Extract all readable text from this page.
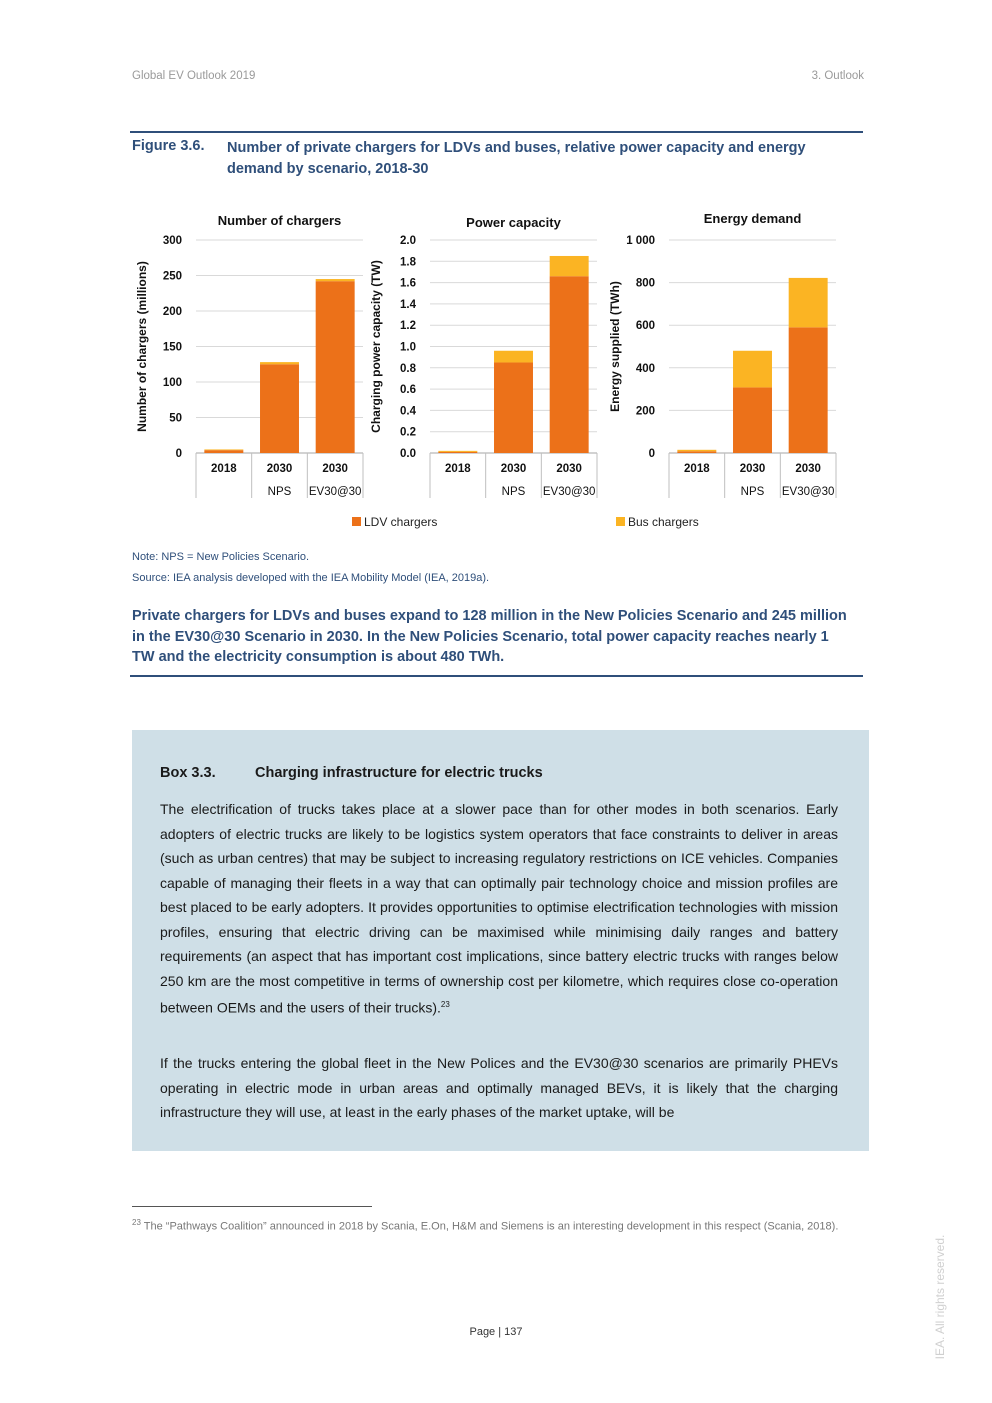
Global EV Outlook 2019	3. Outlook
Figure 3.6. Number of private chargers for LDVs and buses, relative power capacity and energy demand by scenario, 2018-30
Number of chargers
0
50
100
150
200
250
300
Number of chargers (millions)
2018	2030
NPS
2030
EV30@30
Power capacity
0.0
0.2
0.4
0.6
0.8
1.0
1.2
1.4
1.6
1.8
2.0
Charging power capacity (TW)
2018	2030
NPS
2030
EV30@30
Energy demand
0
200
400
600
800
1 000
Energy supplied (TWh)
2018	2030
NPS
2030
EV30@30
LDV chargers	Bus chargers
Note: NPS = New Policies Scenario.
Source: IEA analysis developed with the IEA Mobility Model (IEA, 2019a).
Private chargers for LDVs and buses expand to 128 million in the New Policies Scenario and 245 million in the EV30@30 Scenario in 2030. In the New Policies Scenario, total power capacity reaches nearly 1 TW and the electricity consumption is about 480 TWh.
Box 3.3.	Charging infrastructure for electric trucks
The electrification of trucks takes place at a slower pace than for other modes in both scenarios. Early adopters of electric trucks are likely to be logistics system operators that face constraints to deliver in areas (such as urban centres) that may be subject to increasing regulatory restrictions on ICE vehicles. Companies capable of managing their fleets in a way that can optimally pair technology choice and mission profiles are best placed to be early adopters. It provides opportunities to optimise electrification technologies with mission profiles, ensuring that electric driving can be maximised while minimising daily ranges and battery requirements (an aspect that has important cost implications, since battery electric trucks with ranges below 250 km are the most competitive in terms of ownership cost per kilometre, which requires close co-operation between OEMs and the users of their trucks).$^{23}$
If the trucks entering the global fleet in the New Polices and the EV30@30 scenarios are primarily PHEVs operating in electric mode in urban areas and optimally managed BEVs, it is likely that the charging infrastructure they will use, at least in the early phases of the market uptake, will be
$^{23}$ The “Pathways Coalition” announced in 2018 by Scania, E.On, H&M and Siemens is an interesting development in this respect (Scania, 2018).
Page | 137	IEA. All rights reserved.
